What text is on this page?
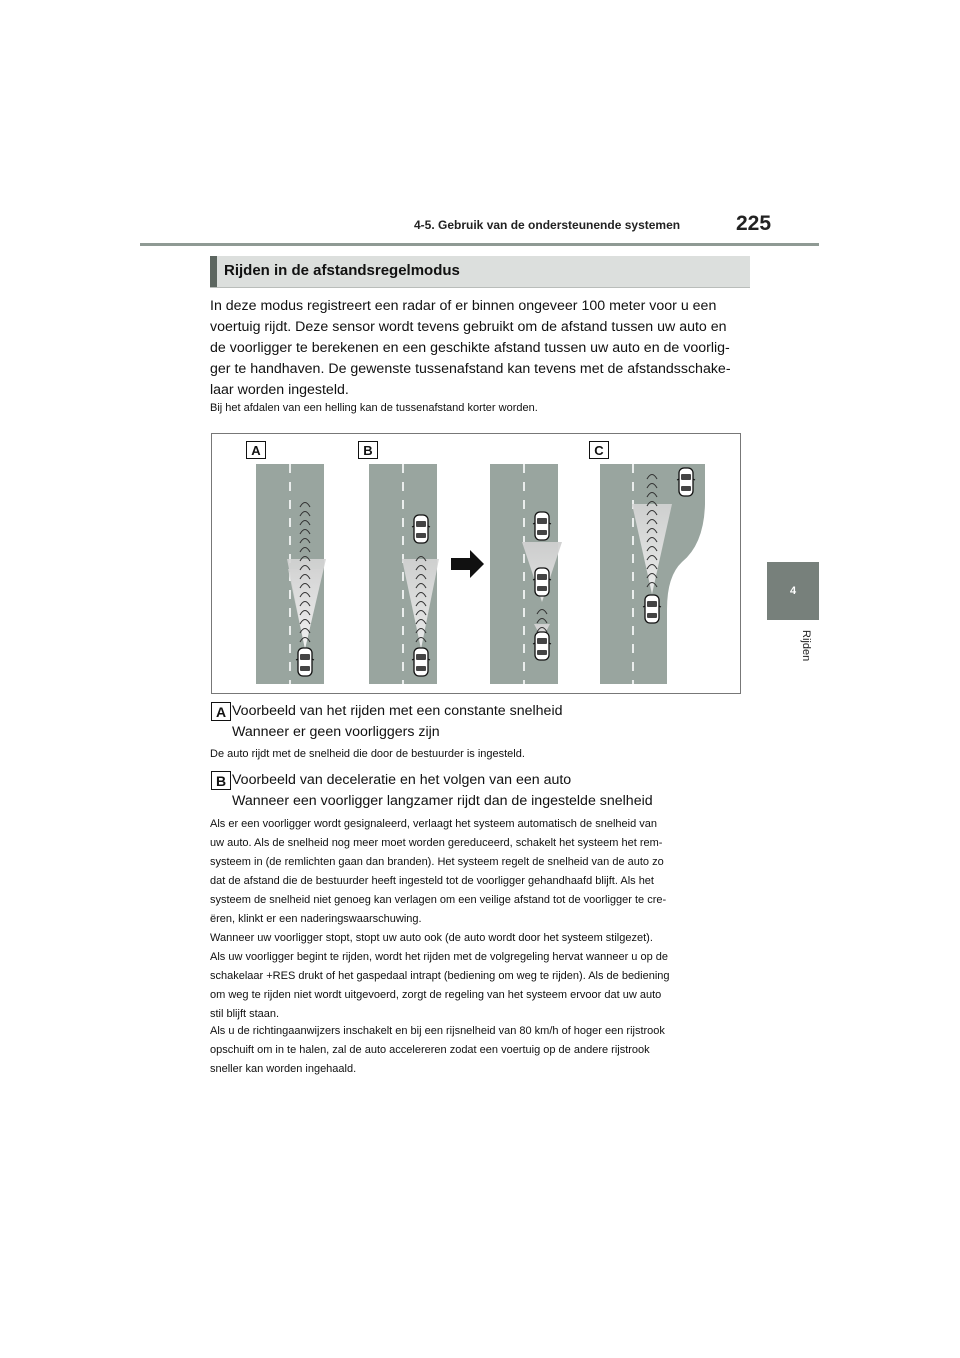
4-5. Gebruik van de ondersteunende systemen	225
4
Rijden
Rijden in de afstandsregelmodus
In deze modus registreert een radar of er binnen ongeveer 100 meter voor u een
voertuig rijdt. Deze sensor wordt tevens gebruikt om de afstand tussen uw auto en
de voorligger te berekenen en een geschikte afstand tussen uw auto en de voorlig-
ger te handhaven. De gewenste tussenafstand kan tevens met de afstandsschake-
laar worden ingesteld.
Bij het afdalen van een helling kan de tussenafstand korter worden.
A	B	C
A Voorbeeld van het rijden met een constante snelheid
Wanneer er geen voorliggers zijn
De auto rijdt met de snelheid die door de bestuurder is ingesteld.
B Voorbeeld van deceleratie en het volgen van een auto
Wanneer een voorligger langzamer rijdt dan de ingestelde snelheid
Als er een voorligger wordt gesignaleerd, verlaagt het systeem automatisch de snelheid van
uw auto. Als de snelheid nog meer moet worden gereduceerd, schakelt het systeem het rem-
systeem in (de remlichten gaan dan branden). Het systeem regelt de snelheid van de auto zo
dat de afstand die de bestuurder heeft ingesteld tot de voorligger gehandhaafd blijft. Als het
systeem de snelheid niet genoeg kan verlagen om een veilige afstand tot de voorligger te cre-
ëren, klinkt er een naderingswaarschuwing.
Wanneer uw voorligger stopt, stopt uw auto ook (de auto wordt door het systeem stilgezet).
Als uw voorligger begint te rijden, wordt het rijden met de volgregeling hervat wanneer u op de
schakelaar +RES drukt of het gaspedaal intrapt (bediening om weg te rijden). Als de bediening
om weg te rijden niet wordt uitgevoerd, zorgt de regeling van het systeem ervoor dat uw auto
stil blijft staan.
Als u de richtingaanwijzers inschakelt en bij een rijsnelheid van 80 km/h of hoger een rijstrook
opschuift om in te halen, zal de auto accelereren zodat een voertuig op de andere rijstrook
sneller kan worden ingehaald.
